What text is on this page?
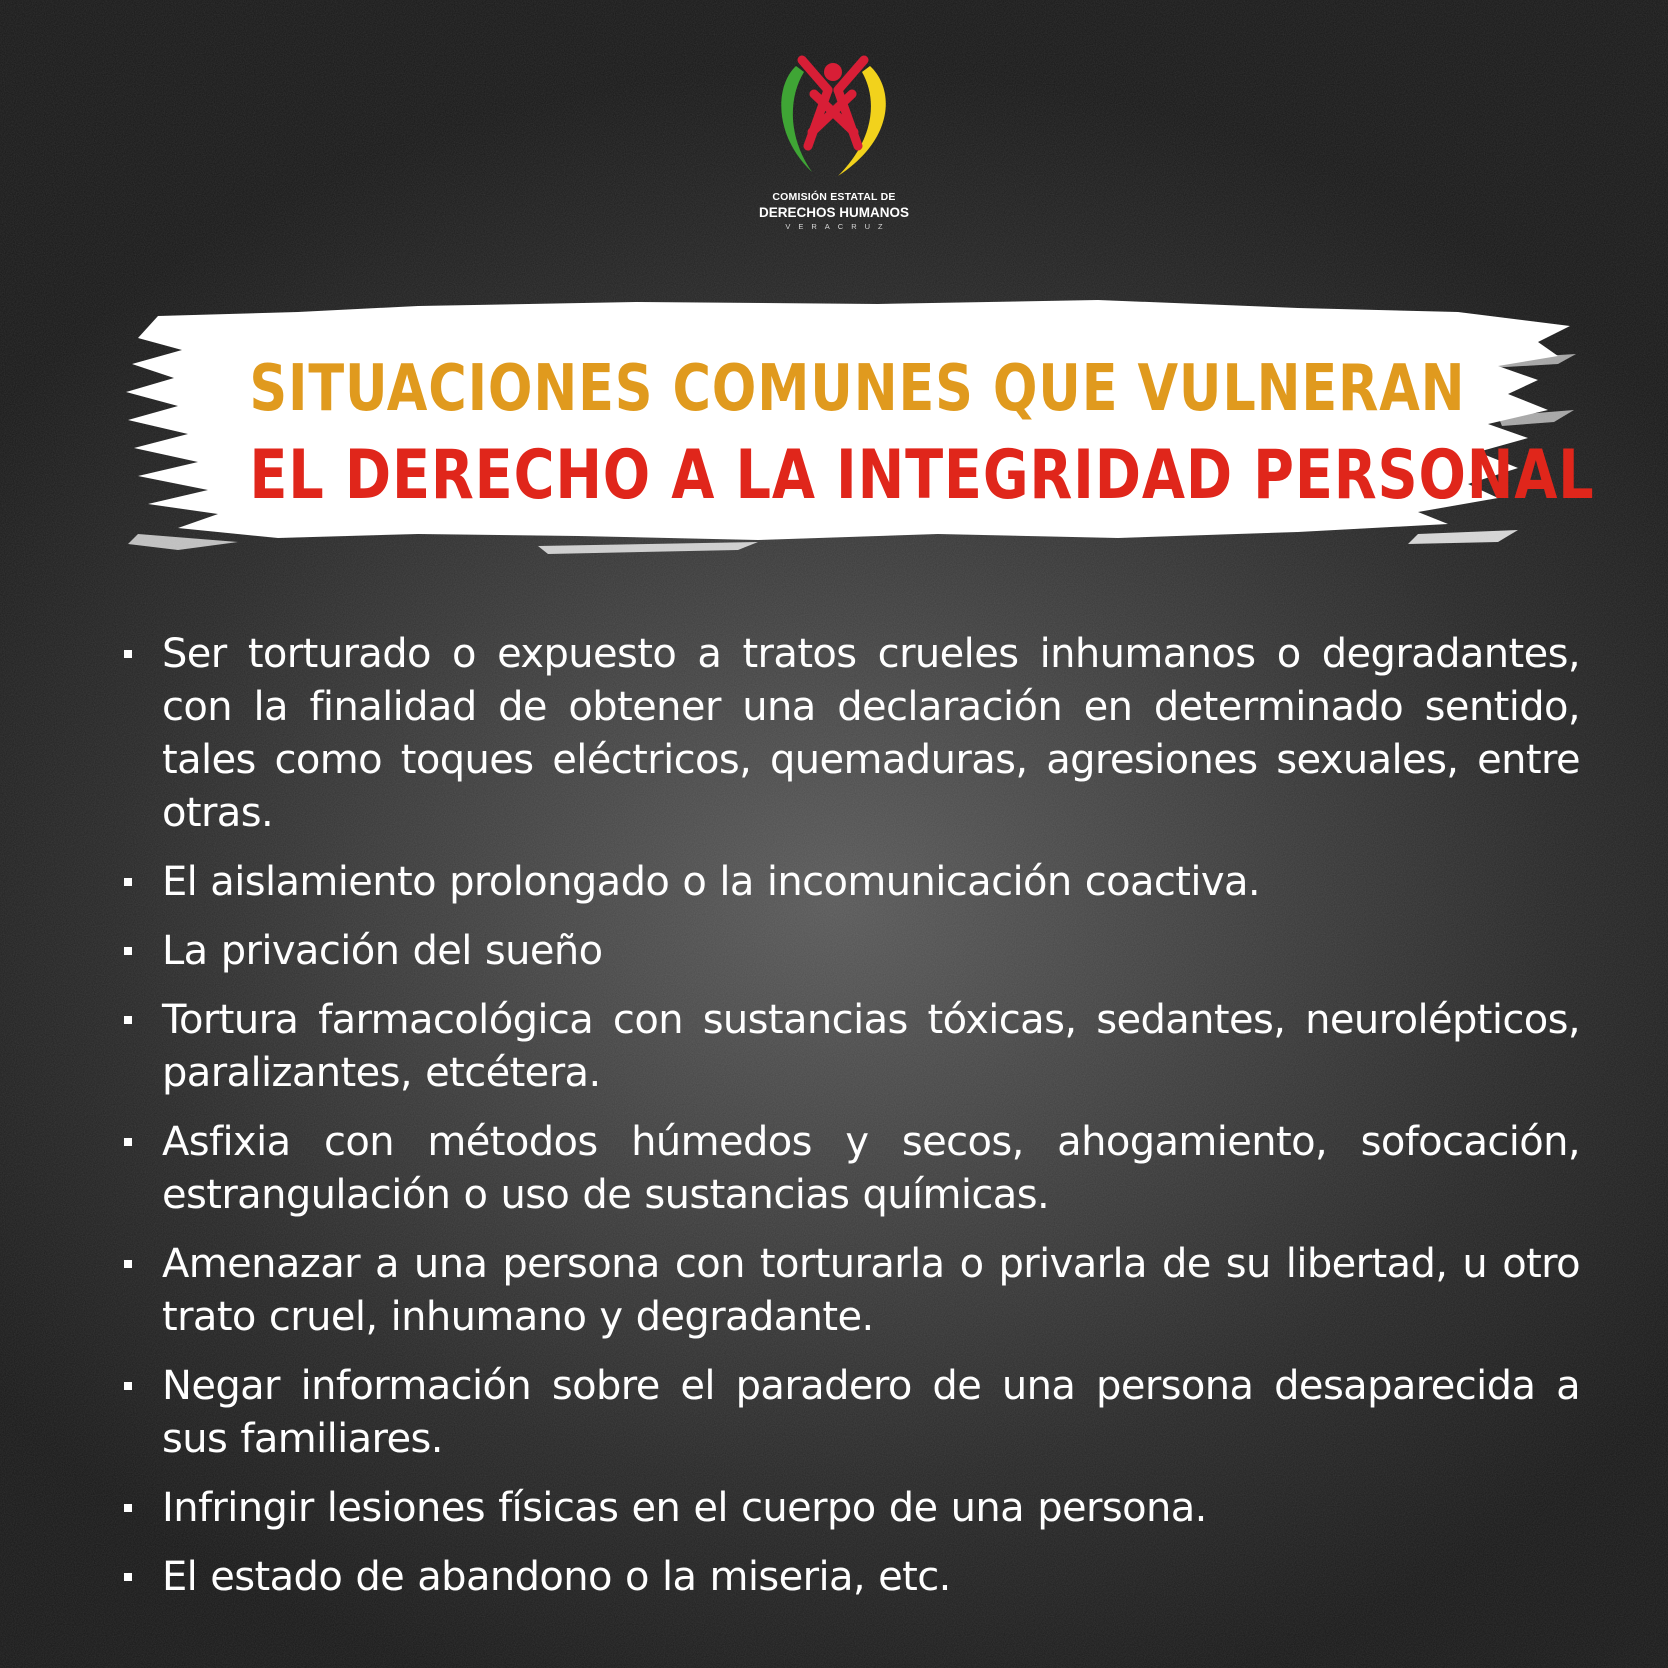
COMISIÓN ESTATAL DE
DERECHOS HUMANOS
VERACRUZ
SITUACIONES COMUNES QUE VULNERAN
EL DERECHO A LA INTEGRIDAD PERSONAL
Ser torturado o expuesto a tratos crueles inhumanos o degradantes, con la finalidad de obtener una declaración en determinado sentido, tales como toques eléctricos, quemaduras, agresiones sexuales, entre otras.
El aislamiento prolongado o la incomunicación coactiva.
La privación del sueño
Tortura farmacológica con sustancias tóxicas, sedantes, neurolépticos, paralizantes, etcétera.
Asfixia con métodos húmedos y secos, ahogamiento, sofocación, estrangulación o uso de sustancias químicas.
Amenazar a una persona con torturarla o privarla de su libertad, u otro trato cruel, inhumano y degradante.
Negar información sobre el paradero de una persona desaparecida a sus familiares.
Infringir lesiones físicas en el cuerpo de una persona.
El estado de abandono o la miseria, etc.
